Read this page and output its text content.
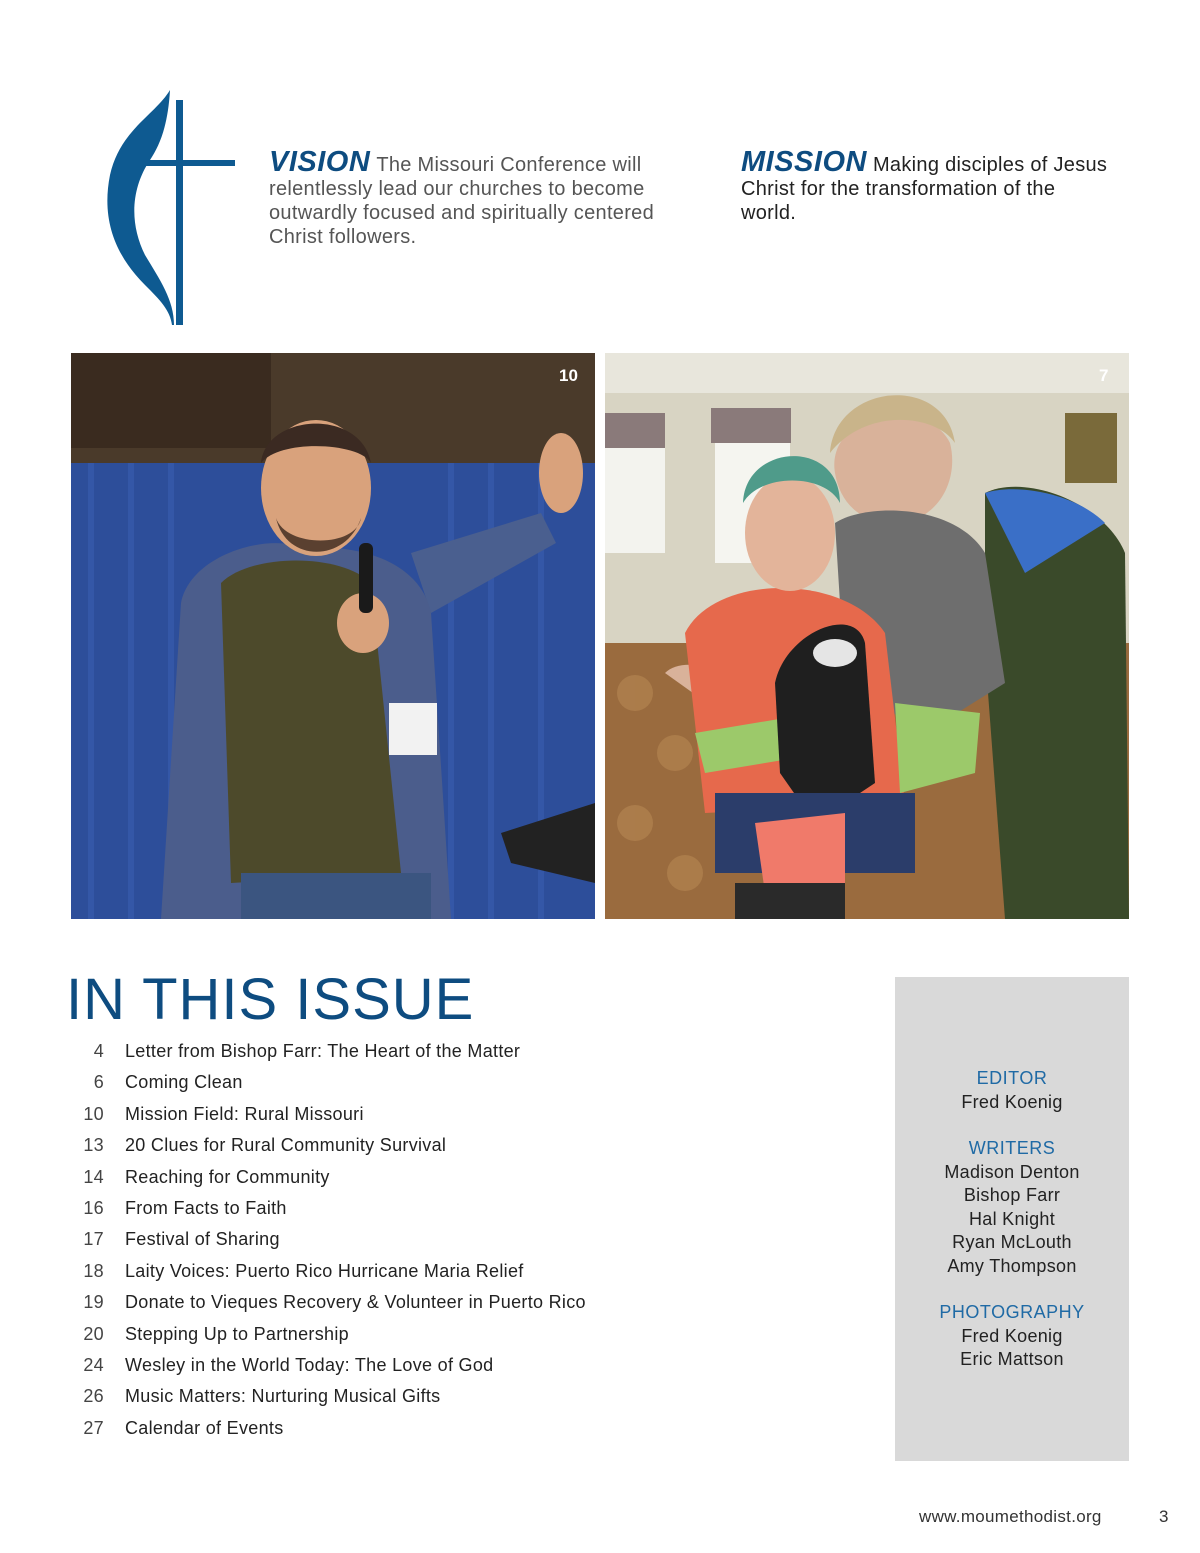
VISION The Missouri Conference will relentlessly lead our churches to become outwardly focused and spiritually centered Christ followers.
MISSION Making disciples of Jesus Christ for the transformation of the world.
10	7
IN THIS ISSUE
4 Letter from Bishop Farr: The Heart of the Matter
6 Coming Clean
10 Mission Field: Rural Missouri
13 20 Clues for Rural Community Survival
14 Reaching for Community
16 From Facts to Faith
17 Festival of Sharing
18 Laity Voices: Puerto Rico Hurricane Maria Relief
19 Donate to Vieques Recovery & Volunteer in Puerto Rico
20 Stepping Up to Partnership
24 Wesley in the World Today: The Love of God
26 Music Matters: Nurturing Musical Gifts
27 Calendar of Events
EDITOR
Fred Koenig
WRITERS
Madison Denton
Bishop Farr
Hal Knight
Ryan McLouth
Amy Thompson
PHOTOGRAPHY
Fred Koenig
Eric Mattson
www.moumethodist.org	3
